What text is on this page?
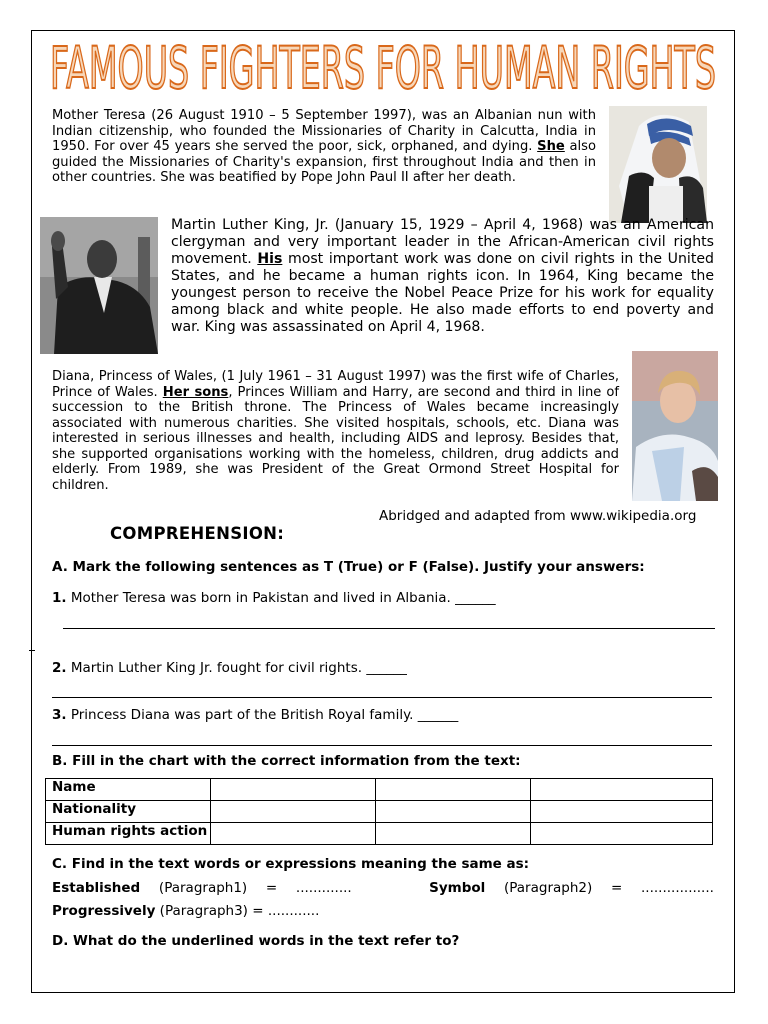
FAMOUS FIGHTERS FOR HUMAN RIGHTS
Mother Teresa (26 August 1910 – 5 September 1997), was an Albanian nun with Indian citizenship, who founded the Missionaries of Charity in Calcutta, India in 1950. For over 45 years she served the poor, sick, orphaned, and dying. She also guided the Missionaries of Charity's expansion, first throughout India and then in other countries. She was beatified by Pope John Paul II after her death.
Martin Luther King, Jr. (January 15, 1929 – April 4, 1968) was an American clergyman and very important leader in the African-American civil rights movement. His most important work was done on civil rights in the United States, and he became a human rights icon. In 1964, King became the youngest person to receive the Nobel Peace Prize for his work for equality among black and white people. He also made efforts to end poverty and war. King was assassinated on April 4, 1968.
Diana, Princess of Wales, (1 July 1961 – 31 August 1997) was the first wife of Charles, Prince of Wales. Her sons, Princes William and Harry, are second and third in line of succession to the British throne. The Princess of Wales became increasingly associated with numerous charities. She visited hospitals, schools, etc. Diana was interested in serious illnesses and health, including AIDS and leprosy. Besides that, she supported organisations working with the homeless, children, drug addicts and elderly. From 1989, she was President of the Great Ormond Street Hospital for children.
Abridged and adapted from www.wikipedia.org
COMPREHENSION:
A. Mark the following sentences as T (True) or F (False). Justify your answers:
1. Mother Teresa was born in Pakistan and lived in Albania. ______
2. Martin Luther King Jr. fought for civil rights. ______
3. Princess Diana was part of the British Royal family. ______
B. Fill in the chart with the correct information from the text:
Name			
Nationality			
Human rights action			
C. Find in the text words or expressions meaning the same as:
Established (Paragraph1) = .............	Symbol (Paragraph2) = .................
Progressively (Paragraph3) = ............
D. What do the underlined words in the text refer to?
